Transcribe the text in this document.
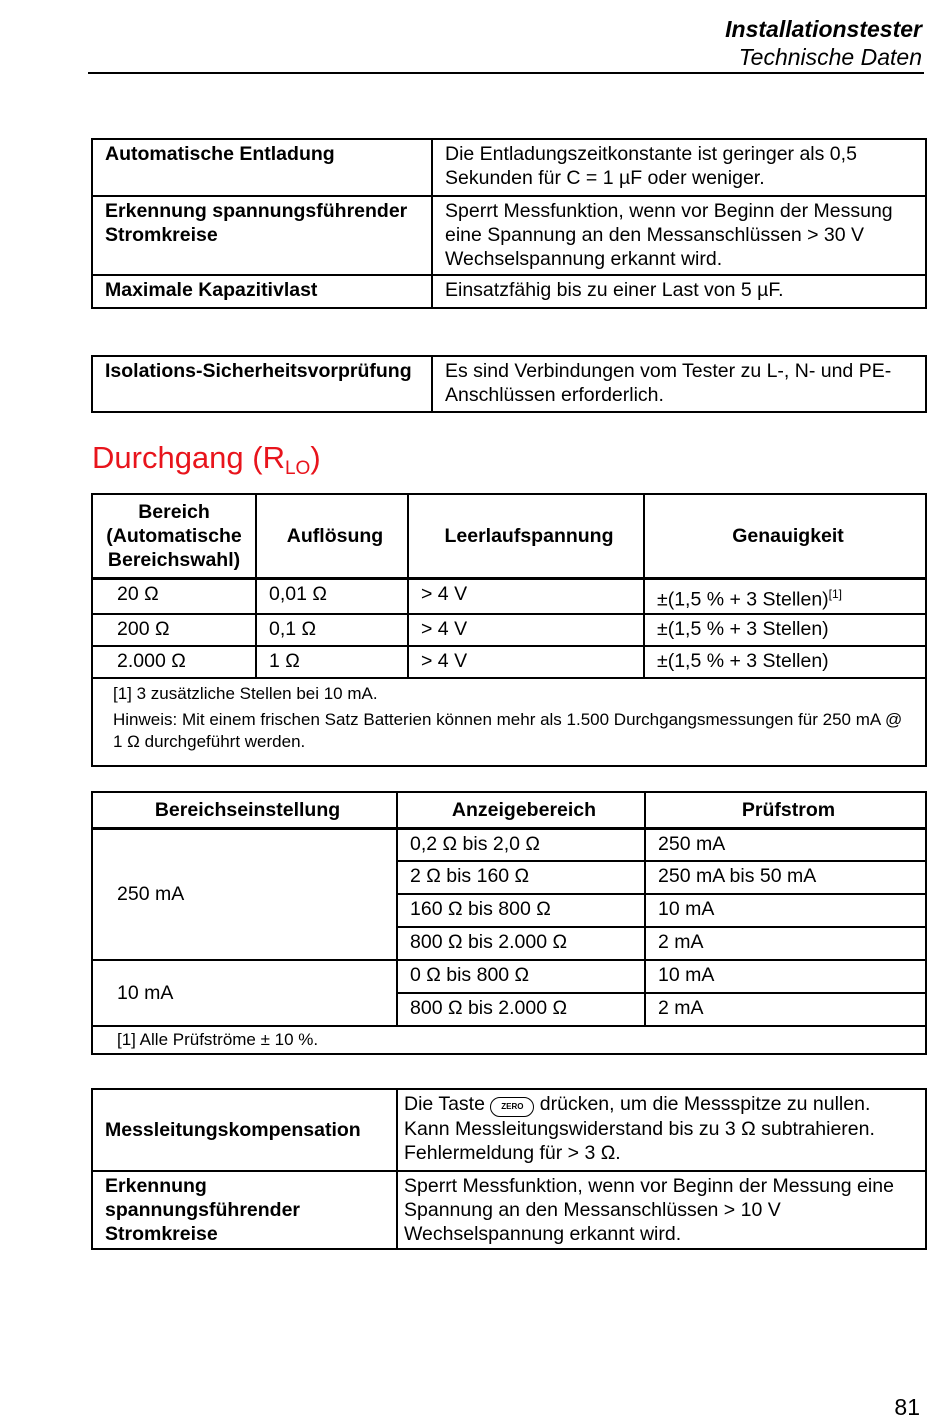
Installationstester
Technische Daten
Automatische Entladung	Die Entladungszeitkonstante ist geringer als 0,5 Sekunden für C = 1 µF oder weniger.
Erkennung spannungsführender Stromkreise	Sperrt Messfunktion, wenn vor Beginn der Messung eine Spannung an den Messanschlüssen > 30 V Wechselspannung erkannt wird.
Maximale Kapazitivlast	Einsatzfähig bis zu einer Last von 5 µF.
Isolations-Sicherheitsvorprüfung	Es sind Verbindungen vom Tester zu L-, N- und PE-Anschlüssen erforderlich.
Durchgang $(R_{LO})$
Bereich (Automatische Bereichswahl)	Auflösung	Leerlaufspannung	Genauigkeit
20 Ω	0,01 Ω	> 4 V	±(1,5 % + 3 Stellen)[1]
200 Ω	0,1 Ω	> 4 V	±(1,5 % + 3 Stellen)
2.000 Ω	1 Ω	> 4 V	±(1,5 % + 3 Stellen)

[1] 3 zusätzliche Stellen bei 10 mA.

Hinweis: Mit einem frischen Satz Batterien können mehr als 1.500 Durchgangsmessungen für 250 mA @ 1 Ω durchgeführt werden.			

Bereichseinstellung	Anzeigebereich	Prüfstrom
250 mA	0,2 Ω bis 2,0 Ω	250 mA
	2 Ω bis 160 Ω	250 mA bis 50 mA
	160 Ω bis 800 Ω	10 mA
	800 Ω bis 2.000 Ω	2 mA
10 mA	0 Ω bis 800 Ω	10 mA
	800 Ω bis 2.000 Ω	2 mA
[1] Alle Prüfströme ± 10 %.		
Messleitungskompensation	Die Taste ZERO drücken, um die Messspitze zu nullen. Kann Messleitungswiderstand bis zu 3 Ω subtrahieren. Fehlermeldung für > 3 Ω.
Erkennung spannungsführender Stromkreise	Sperrt Messfunktion, wenn vor Beginn der Messung eine Spannung an den Messanschlüssen > 10 V Wechselspannung erkannt wird.
81
